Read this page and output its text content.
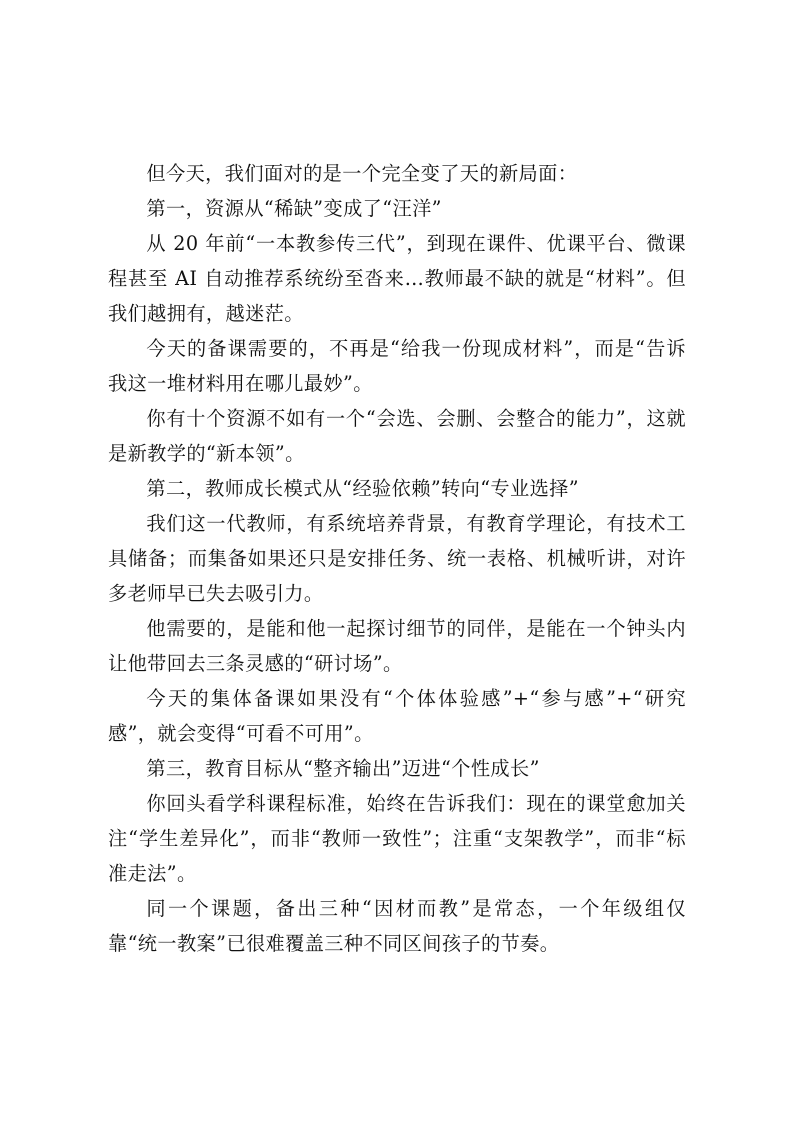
但今天，我们面对的是一个完全变了天的新局面：

第一，资源从“稀缺”变成了“汪洋”

从 20 年前“一本教参传三代”，到现在课件、优课平台、微课程甚至 AI 自动推荐系统纷至沓来…教师最不缺的就是“材料”。但我们越拥有，越迷茫。

今天的备课需要的，不再是“给我一份现成材料”，而是“告诉我这一堆材料用在哪儿最妙”。

你有十个资源不如有一个“会选、会删、会整合的能力”，这就是新教学的“新本领”。

第二，教师成长模式从“经验依赖”转向“专业选择”

我们这一代教师，有系统培养背景，有教育学理论，有技术工具储备；而集备如果还只是安排任务、统一表格、机械听讲，对许多老师早已失去吸引力。

他需要的，是能和他一起探讨细节的同伴，是能在一个钟头内让他带回去三条灵感的“研讨场”。

今天的集体备课如果没有“个体体验感”+“参与感”+“研究感”，就会变得“可看不可用”。

第三，教育目标从“整齐输出”迈进“个性成长”

你回头看学科课程标准，始终在告诉我们：现在的课堂愈加关注“学生差异化”，而非“教师一致性”；注重“支架教学”，而非“标准走法”。

同一个课题，备出三种“因材而教”是常态，一个年级组仅靠“统一教案”已很难覆盖三种不同区间孩子的节奏。
